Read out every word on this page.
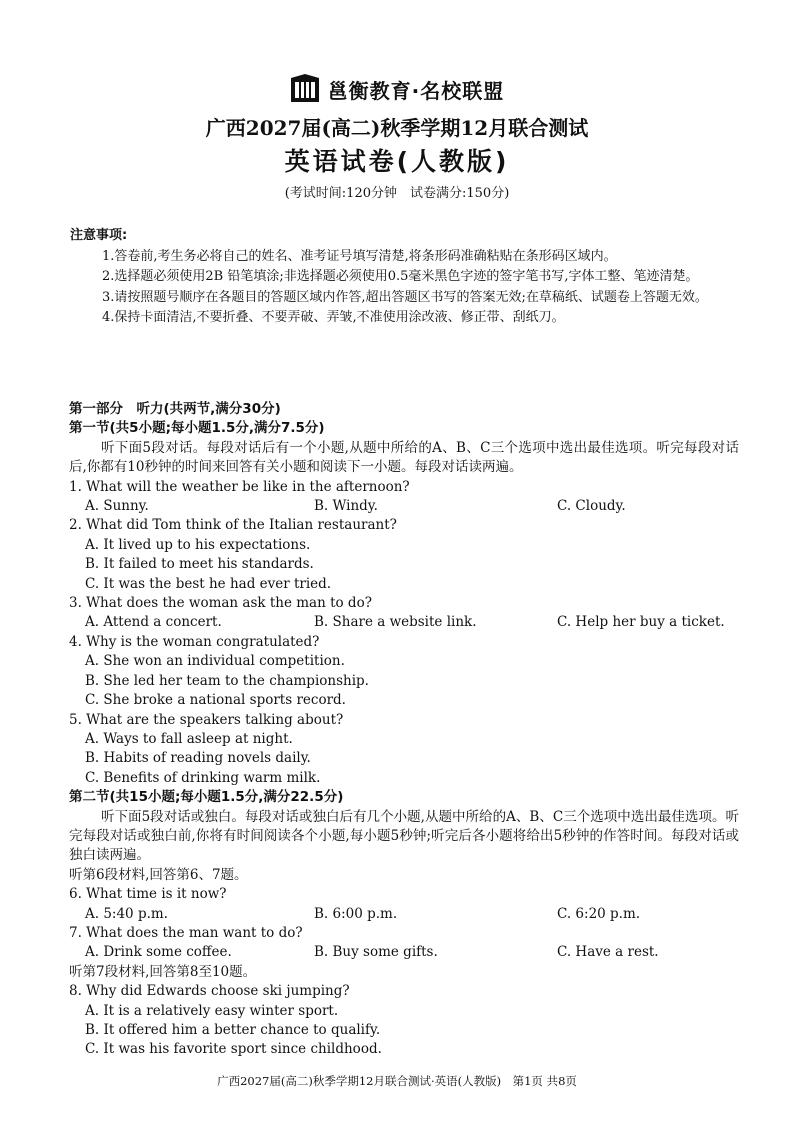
邕衡教育·名校联盟
广西2027届(高二)秋季学期12月联合测试
英语试卷(人教版)
(考试时间:120分钟　试卷满分:150分)
注意事项:
1.答卷前,考生务必将自己的姓名、准考证号填写清楚,将条形码准确粘贴在条形码区域内。
2.选择题必须使用2B 铅笔填涂;非选择题必须使用0.5毫米黑色字迹的签字笔书写,字体工整、笔迹清楚。
3.请按照题号顺序在各题目的答题区域内作答,超出答题区书写的答案无效;在草稿纸、试题卷上答题无效。
4.保持卡面清洁,不要折叠、不要弄破、弄皱,不准使用涂改液、修正带、刮纸刀。
第一部分　听力(共两节,满分30分)
第一节(共5小题;每小题1.5分,满分7.5分)
听下面5段对话。每段对话后有一个小题,从题中所给的A、B、C三个选项中选出最佳选项。听完每段对话后,你都有10秒钟的时间来回答有关小题和阅读下一小题。每段对话读两遍。
1. What will the weather be like in the afternoon?
A. Sunny.	B. Windy.	C. Cloudy.
2. What did Tom think of the Italian restaurant?
A. It lived up to his expectations.
B. It failed to meet his standards.
C. It was the best he had ever tried.
3. What does the woman ask the man to do?
A. Attend a concert.	B. Share a website link.	C. Help her buy a ticket.
4. Why is the woman congratulated?
A. She won an individual competition.
B. She led her team to the championship.
C. She broke a national sports record.
5. What are the speakers talking about?
A. Ways to fall asleep at night.
B. Habits of reading novels daily.
C. Benefits of drinking warm milk.
第二节(共15小题;每小题1.5分,满分22.5分)
听下面5段对话或独白。每段对话或独白后有几个小题,从题中所给的A、B、C三个选项中选出最佳选项。听完每段对话或独白前,你将有时间阅读各个小题,每小题5秒钟;听完后各小题将给出5秒钟的作答时间。每段对话或独白读两遍。
听第6段材料,回答第6、7题。
6. What time is it now?
A. 5:40 p.m.	B. 6:00 p.m.	C. 6:20 p.m.
7. What does the man want to do?
A. Drink some coffee.	B. Buy some gifts.	C. Have a rest.
听第7段材料,回答第8至10题。
8. Why did Edwards choose ski jumping?
A. It is a relatively easy winter sport.
B. It offered him a better chance to qualify.
C. It was his favorite sport since childhood.
广西2027届(高二)秋季学期12月联合测试·英语(人教版)　第1页 共8页
